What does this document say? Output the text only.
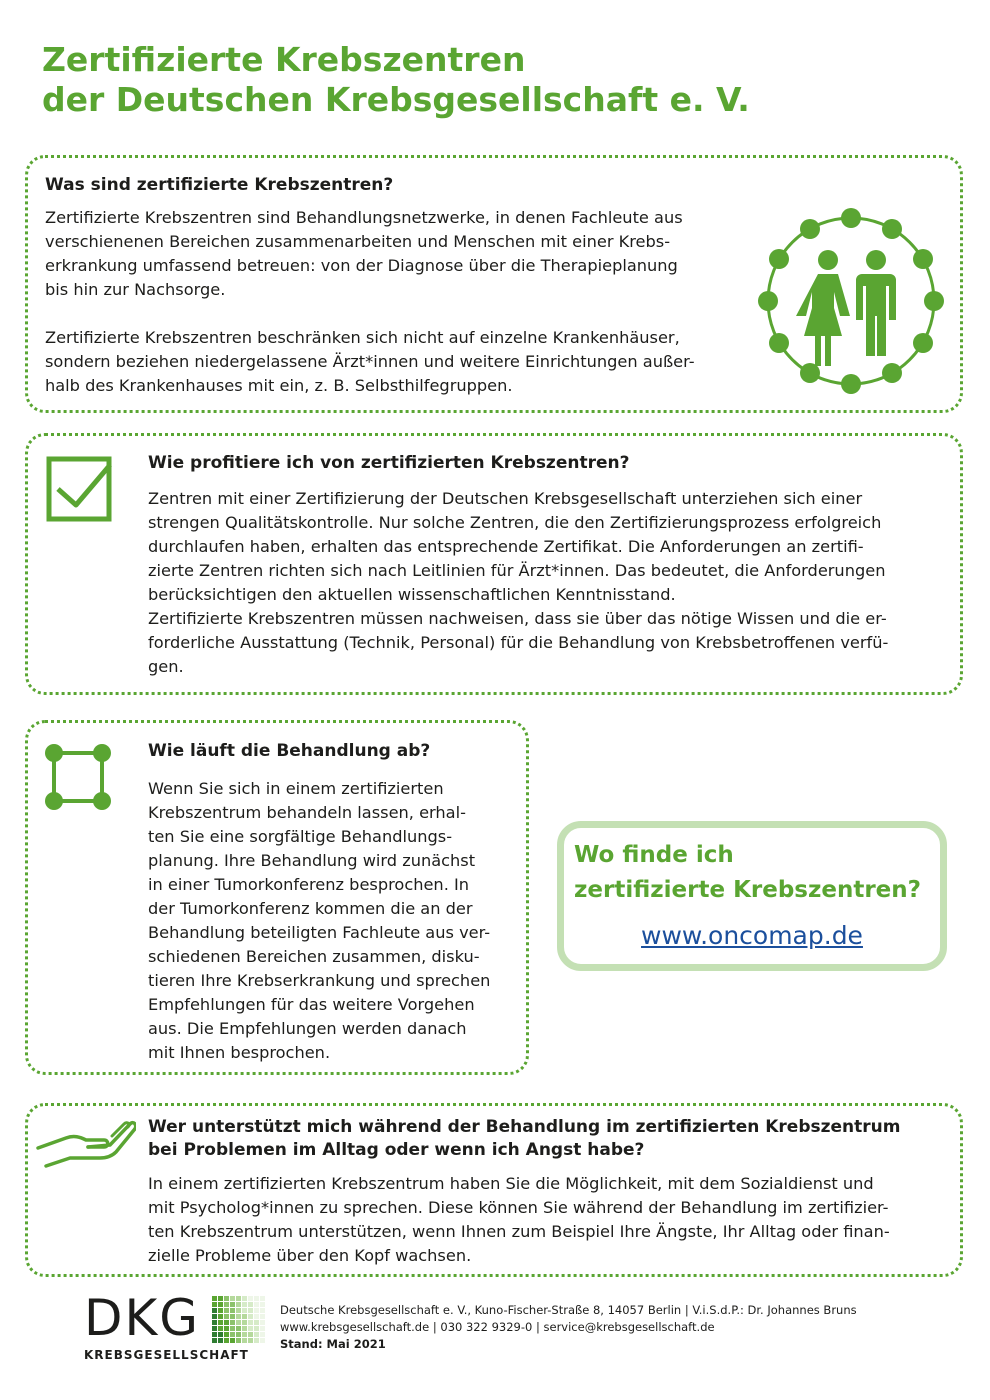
Zertifizierte Krebszentren
der Deutschen Krebsgesellschaft e. V.
Was sind zertifizierte Krebszentren?
Zertifizierte Krebszentren sind Behandlungsnetzwerke, in denen Fachleute aus
verschienenen Bereichen zusammenarbeiten und Menschen mit einer Krebs-
erkrankung umfassend betreuen: von der Diagnose über die Therapieplanung
bis hin zur Nachsorge.
Zertifizierte Krebszentren beschränken sich nicht auf einzelne Krankenhäuser,
sondern beziehen niedergelassene Ärzt*innen und weitere Einrichtungen außer-
halb des Krankenhauses mit ein, z. B. Selbsthilfegruppen.
Wie profitiere ich von zertifizierten Krebszentren?
Zentren mit einer Zertifizierung der Deutschen Krebsgesellschaft unterziehen sich einer
strengen Qualitätskontrolle. Nur solche Zentren, die den Zertifizierungsprozess erfolgreich
durchlaufen haben, erhalten das entsprechende Zertifikat. Die Anforderungen an zertifi-
zierte Zentren richten sich nach Leitlinien für Ärzt*innen. Das bedeutet, die Anforderungen
berücksichtigen den aktuellen wissenschaftlichen Kenntnisstand.
Zertifizierte Krebszentren müssen nachweisen, dass sie über das nötige Wissen und die er-
forderliche Ausstattung (Technik, Personal) für die Behandlung von Krebsbetroffenen verfü-
gen.
Wie läuft die Behandlung ab?
Wenn Sie sich in einem zertifizierten
Krebszentrum behandeln lassen, erhal-
ten Sie eine sorgfältige Behandlungs-
planung. Ihre Behandlung wird zunächst
in einer Tumorkonferenz besprochen. In
der Tumorkonferenz kommen die an der
Behandlung beteiligten Fachleute aus ver-
schiedenen Bereichen zusammen, disku-
tieren Ihre Krebserkrankung und sprechen
Empfehlungen für das weitere Vorgehen
aus. Die Empfehlungen werden danach
mit Ihnen besprochen.
Wo finde ich
zertifizierte Krebszentren?
www.oncomap.de
Wer unterstützt mich während der Behandlung im zertifizierten Krebszentrum
bei Problemen im Alltag oder wenn ich Angst habe?
In einem zertifizierten Krebszentrum haben Sie die Möglichkeit, mit dem Sozialdienst und
mit Psycholog*innen zu sprechen. Diese können Sie während der Behandlung im zertifizier-
ten Krebszentrum unterstützen, wenn Ihnen zum Beispiel Ihre Ängste, Ihr Alltag oder finan-
zielle Probleme über den Kopf wachsen.
DKG
KREBSGESELLSCHAFT
Deutsche Krebsgesellschaft e. V., Kuno-Fischer-Straße 8, 14057 Berlin | V.i.S.d.P.: Dr. Johannes Bruns
www.krebsgesellschaft.de | 030 322 9329-0 | service@krebsgesellschaft.de
Stand: Mai 2021
